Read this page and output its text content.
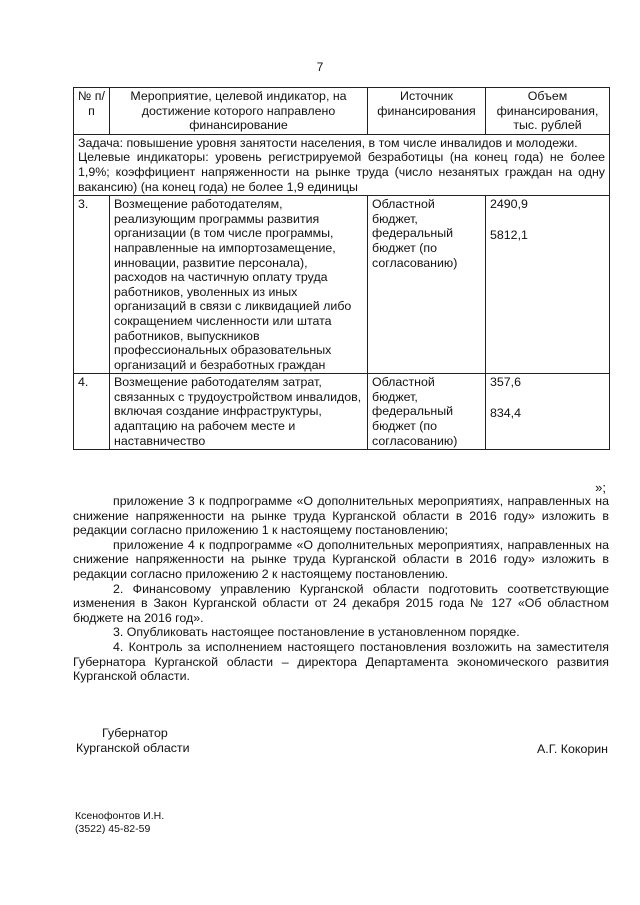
7
№ п/п	Мероприятие, целевой индикатор, на достижение которого направлено финансирование	Источник финансирования	Объем финансирования, тыс. рублей

Задача: повышение уровня занятости населения, в том числе инвалидов и молодежи.
Целевые индикаторы: уровень регистрируемой безработицы (на конец года) не более 1,9%; коэффициент напряженности на рынке труда (число незанятых граждан на одну вакансию) (на конец года) не более 1,9 единицы			

3.	Возмещение работодателям, реализующим программы развития организации (в том числе программы, направленные на импортозамещение, инновации, развитие персонала), расходов на частичную оплату труда работников, уволенных из иных организаций в связи с ликвидацией либо сокращением численности или штата работников, выпускников профессиональных образовательных организаций и безработных граждан	Областной бюджет, федеральный бюджет (по согласованию)	2490,9
5812,1

4.	Возмещение работодателям затрат, связанных с трудоустройством инвалидов, включая создание инфраструктуры, адаптацию на рабочем месте и наставничество	Областной бюджет, федеральный бюджет (по согласованию)	357,6
834,4
»;

приложение 3 к подпрограмме «О дополнительных мероприятиях, направленных на снижение напряженности на рынке труда Курганской области в 2016 году» изложить в редакции согласно приложению 1 к настоящему постановлению;

приложение 4 к подпрограмме «О дополнительных мероприятиях, направленных на снижение напряженности на рынке труда Курганской области в 2016 году» изложить в редакции согласно приложению 2 к настоящему постановлению.

2. Финансовому управлению Курганской области подготовить соответствующие изменения в Закон Курганской области от 24 декабря 2015 года № 127 «Об областном бюджете на 2016 год».

3. Опубликовать настоящее постановление в установленном порядке.

4. Контроль за исполнением настоящего постановления возложить на заместителя Губернатора Курганской области – директора Департамента экономического развития Курганской области.

Губернатор
Курганской области	А.Г. Кокорин
Ксенофонтов И.Н.
(3522) 45-82-59
